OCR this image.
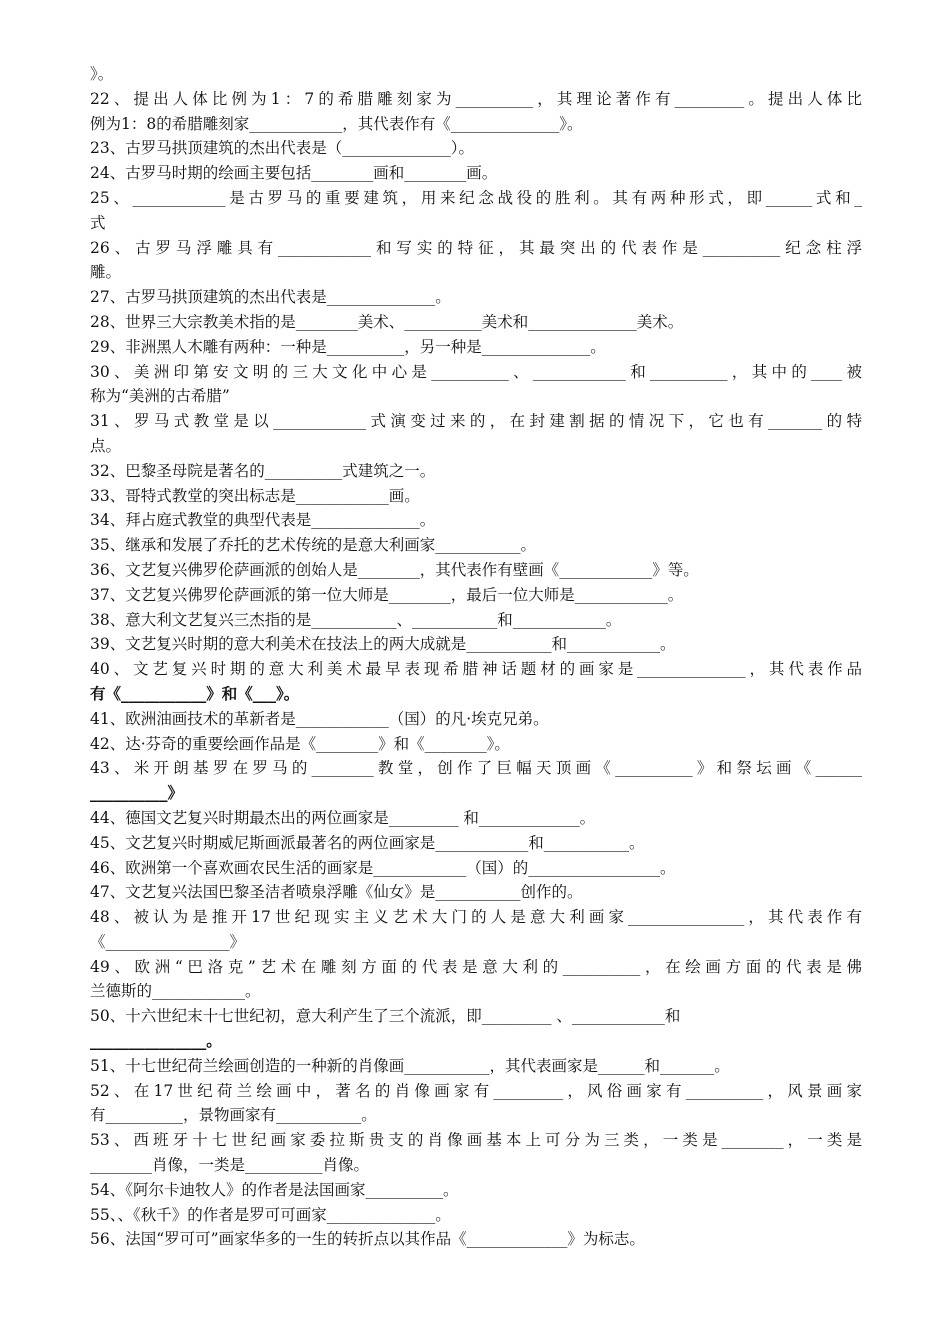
》。
22、提出人体比例为1：7的希腊雕刻家为__________，其理论著作有_________。提出人体比
例为1：8的希腊雕刻家____________，其代表作有《______________》。
23、古罗马拱顶建筑的杰出代表是（______________）。
24、古罗马时期的绘画主要包括________画和________画。
25、____________是古罗马的重要建筑，用来纪念战役的胜利。其有两种形式，即______式和_
式
26、古罗马浮雕具有____________和写实的特征，其最突出的代表作是__________纪念柱浮
雕。
27、古罗马拱顶建筑的杰出代表是______________。
28、世界三大宗教美术指的是________美术、__________美术和______________美术。
29、非洲黑人木雕有两种：一种是__________，另一种是______________。
30、美洲印第安文明的三大文化中心是__________、____________和__________，其中的____被
称为“美洲的古希腊”
31、罗马式教堂是以____________式演变过来的，在封建割据的情况下，它也有_______的特
点。
32、巴黎圣母院是著名的__________式建筑之一。
33、哥特式教堂的突出标志是____________画。
34、拜占庭式教堂的典型代表是______________。
35、继承和发展了乔托的艺术传统的是意大利画家___________。
36、文艺复兴佛罗伦萨画派的创始人是________，其代表作有壁画《____________》等。
37、文艺复兴佛罗伦萨画派的第一位大师是________，最后一位大师是____________。
38、意大利文艺复兴三杰指的是___________、___________和____________。
39、文艺复兴时期的意大利美术在技法上的两大成就是___________和____________。
40、文艺复兴时期的意大利美术最早表现希腊神话题材的画家是______________，其代表作品
有《___________》和《___》。
41、欧洲油画技术的革新者是____________（国）的凡·埃克兄弟。
42、达·芬奇的重要绘画作品是《________》和《________》。
43、米开朗基罗在罗马的________教堂，创作了巨幅天顶画《__________》和祭坛画《______
__________》
44、德国文艺复兴时期最杰出的两位画家是_________ 和_____________。
45、文艺复兴时期威尼斯画派最著名的两位画家是____________和___________。
46、欧洲第一个喜欢画农民生活的画家是____________（国）的_________________。
47、文艺复兴法国巴黎圣洁者喷泉浮雕《仙女》是___________创作的。
48、被认为是推开17世纪现实主义艺术大门的人是意大利画家_______________，其代表作有
《________________》
49、欧洲“巴洛克”艺术在雕刻方面的代表是意大利的__________，在绘画方面的代表是佛
兰德斯的____________。
50、十六世纪末十七世纪初，意大利产生了三个流派，即_________ 、____________和
_______________。
51、十七世纪荷兰绘画创造的一种新的肖像画___________，其代表画家是______和_______。
52、在17世纪荷兰绘画中，著名的肖像画家有_________，风俗画家有__________，风景画家
有__________，景物画家有___________。
53、西班牙十七世纪画家委拉斯贵支的肖像画基本上可分为三类，一类是________，一类是
________肖像，一类是__________肖像。
54、《阿尔卡迪牧人》的作者是法国画家__________。
55、、《秋千》的作者是罗可可画家______________。
56、法国“罗可可”画家华多的一生的转折点以其作品《_____________》为标志。
